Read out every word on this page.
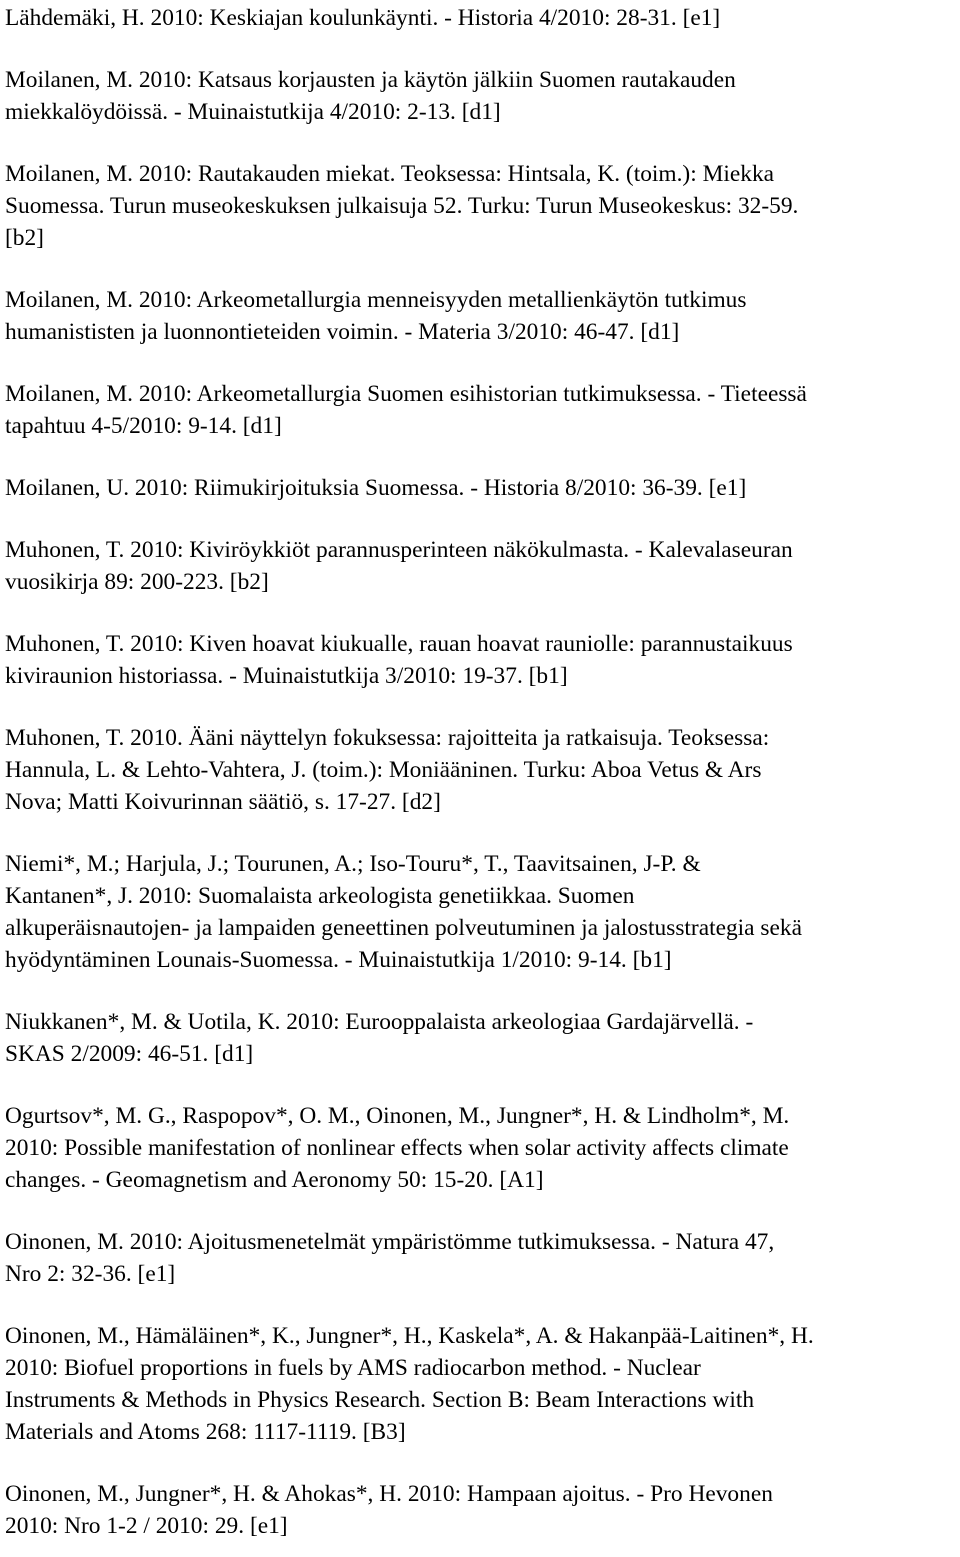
Lähdemäki, H. 2010: Keskiajan koulunkäynti. - Historia 4/2010: 28-31. [e1]

Moilanen, M. 2010: Katsaus korjausten ja käytön jälkiin Suomen rautakauden
miekkalöydöissä. - Muinaistutkija 4/2010: 2-13. [d1]

Moilanen, M. 2010: Rautakauden miekat. Teoksessa: Hintsala, K. (toim.): Miekka
Suomessa. Turun museokeskuksen julkaisuja 52. Turku: Turun Museokeskus: 32-59.
[b2]

Moilanen, M. 2010: Arkeometallurgia menneisyyden metallienkäytön tutkimus
humanististen ja luonnontieteiden voimin. - Materia 3/2010: 46-47. [d1]

Moilanen, M. 2010: Arkeometallurgia Suomen esihistorian tutkimuksessa. - Tieteessä
tapahtuu 4-5/2010: 9-14. [d1]

Moilanen, U. 2010: Riimukirjoituksia Suomessa. - Historia 8/2010: 36-39. [e1]

Muhonen, T. 2010: Kiviröykkiöt parannusperinteen näkökulmasta. - Kalevalaseuran
vuosikirja 89: 200-223. [b2]

Muhonen, T. 2010: Kiven hoavat kiukualle, rauan hoavat rauniolle: parannustaikuus
kiviraunion historiassa. - Muinaistutkija 3/2010: 19-37. [b1]

Muhonen, T. 2010. Ääni näyttelyn fokuksessa: rajoitteita ja ratkaisuja. Teoksessa:
Hannula, L. & Lehto-Vahtera, J. (toim.): Moniääninen. Turku: Aboa Vetus & Ars
Nova; Matti Koivurinnan säätiö, s. 17-27. [d2]

Niemi*, M.; Harjula, J.; Tourunen, A.; Iso-Touru*, T., Taavitsainen, J-P. &
Kantanen*, J. 2010: Suomalaista arkeologista genetiikkaa. Suomen
alkuperäisnautojen- ja lampaiden geneettinen polveutuminen ja jalostusstrategia sekä
hyödyntäminen Lounais-Suomessa. - Muinaistutkija 1/2010: 9-14. [b1]

Niukkanen*, M. & Uotila, K. 2010: Eurooppalaista arkeologiaa Gardajärvellä. -
SKAS 2/2009: 46-51. [d1]

Ogurtsov*, M. G., Raspopov*, O. M., Oinonen, M., Jungner*, H. & Lindholm*, M.
2010: Possible manifestation of nonlinear effects when solar activity affects climate
changes. - Geomagnetism and Aeronomy 50: 15-20. [A1]

Oinonen, M. 2010: Ajoitusmenetelmät ympäristömme tutkimuksessa. - Natura 47,
Nro 2: 32-36. [e1]

Oinonen, M., Hämäläinen*, K., Jungner*, H., Kaskela*, A. & Hakanpää-Laitinen*, H.
2010: Biofuel proportions in fuels by AMS radiocarbon method. - Nuclear
Instruments & Methods in Physics Research. Section B: Beam Interactions with
Materials and Atoms 268: 1117-1119. [B3]

Oinonen, M., Jungner*, H. & Ahokas*, H. 2010: Hampaan ajoitus. - Pro Hevonen
2010: Nro 1-2 / 2010: 29. [e1]
